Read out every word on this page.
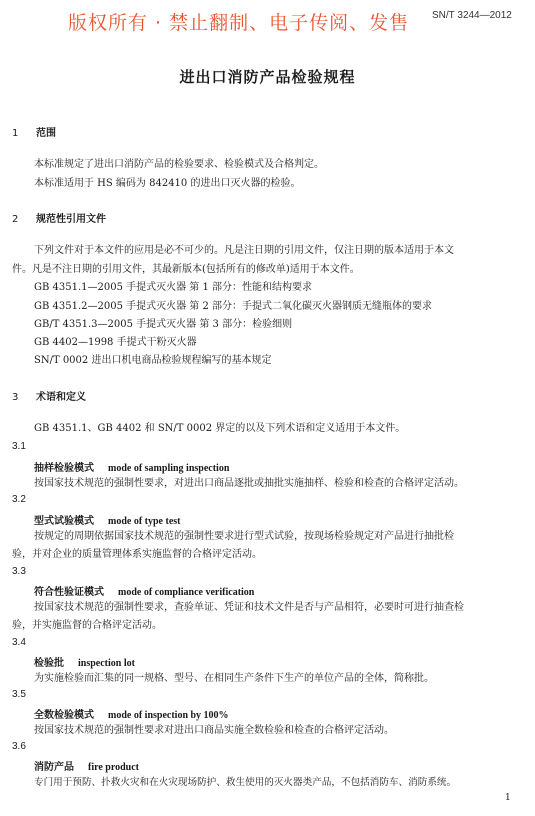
版权所有 · 禁止翻制、电子传阅、发售 SN/T 3244—2012
进出口消防产品检验规程
1 范围
本标准规定了进出口消防产品的检验要求、检验模式及合格判定。
本标准适用于 HS 编码为 842410 的进出口灭火器的检验。
2 规范性引用文件
下列文件对于本文件的应用是必不可少的。凡是注日期的引用文件，仅注日期的版本适用于本文
件。凡是不注日期的引用文件，其最新版本(包括所有的修改单)适用于本文件。
GB 4351.1—2005 手提式灭火器 第 1 部分：性能和结构要求
GB 4351.2—2005 手提式灭火器 第 2 部分：手提式二氧化碳灭火器钢质无缝瓶体的要求
GB/T 4351.3—2005 手提式灭火器 第 3 部分：检验细则
GB 4402—1998 手提式干粉灭火器
SN/T 0002 进出口机电商品检验规程编写的基本规定
3 术语和定义
GB 4351.1、GB 4402 和 SN/T 0002 界定的以及下列术语和定义适用于本文件。
3.1
抽样检验模式 mode of sampling inspection
按国家技术规范的强制性要求，对进出口商品逐批或抽批实施抽样、检验和检查的合格评定活动。
3.2
型式试验模式 mode of type test
按规定的周期依据国家技术规范的强制性要求进行型式试验，按现场检验规定对产品进行抽批检
验，并对企业的质量管理体系实施监督的合格评定活动。
3.3
符合性验证模式 mode of compliance verification
按国家技术规范的强制性要求，查验单证、凭证和技术文件是否与产品相符，必要时可进行抽查检
验，并实施监督的合格评定活动。
3.4
检验批 inspection lot
为实施检验而汇集的同一规格、型号、在相同生产条件下生产的单位产品的全体，简称批。
3.5
全数检验模式 mode of inspection by 100%
按国家技术规范的强制性要求对进出口商品实施全数检验和检查的合格评定活动。
3.6
消防产品 fire product
专门用于预防、扑救火灾和在火灾现场防护、救生使用的灭火器类产品，不包括消防车、消防系统。
1
